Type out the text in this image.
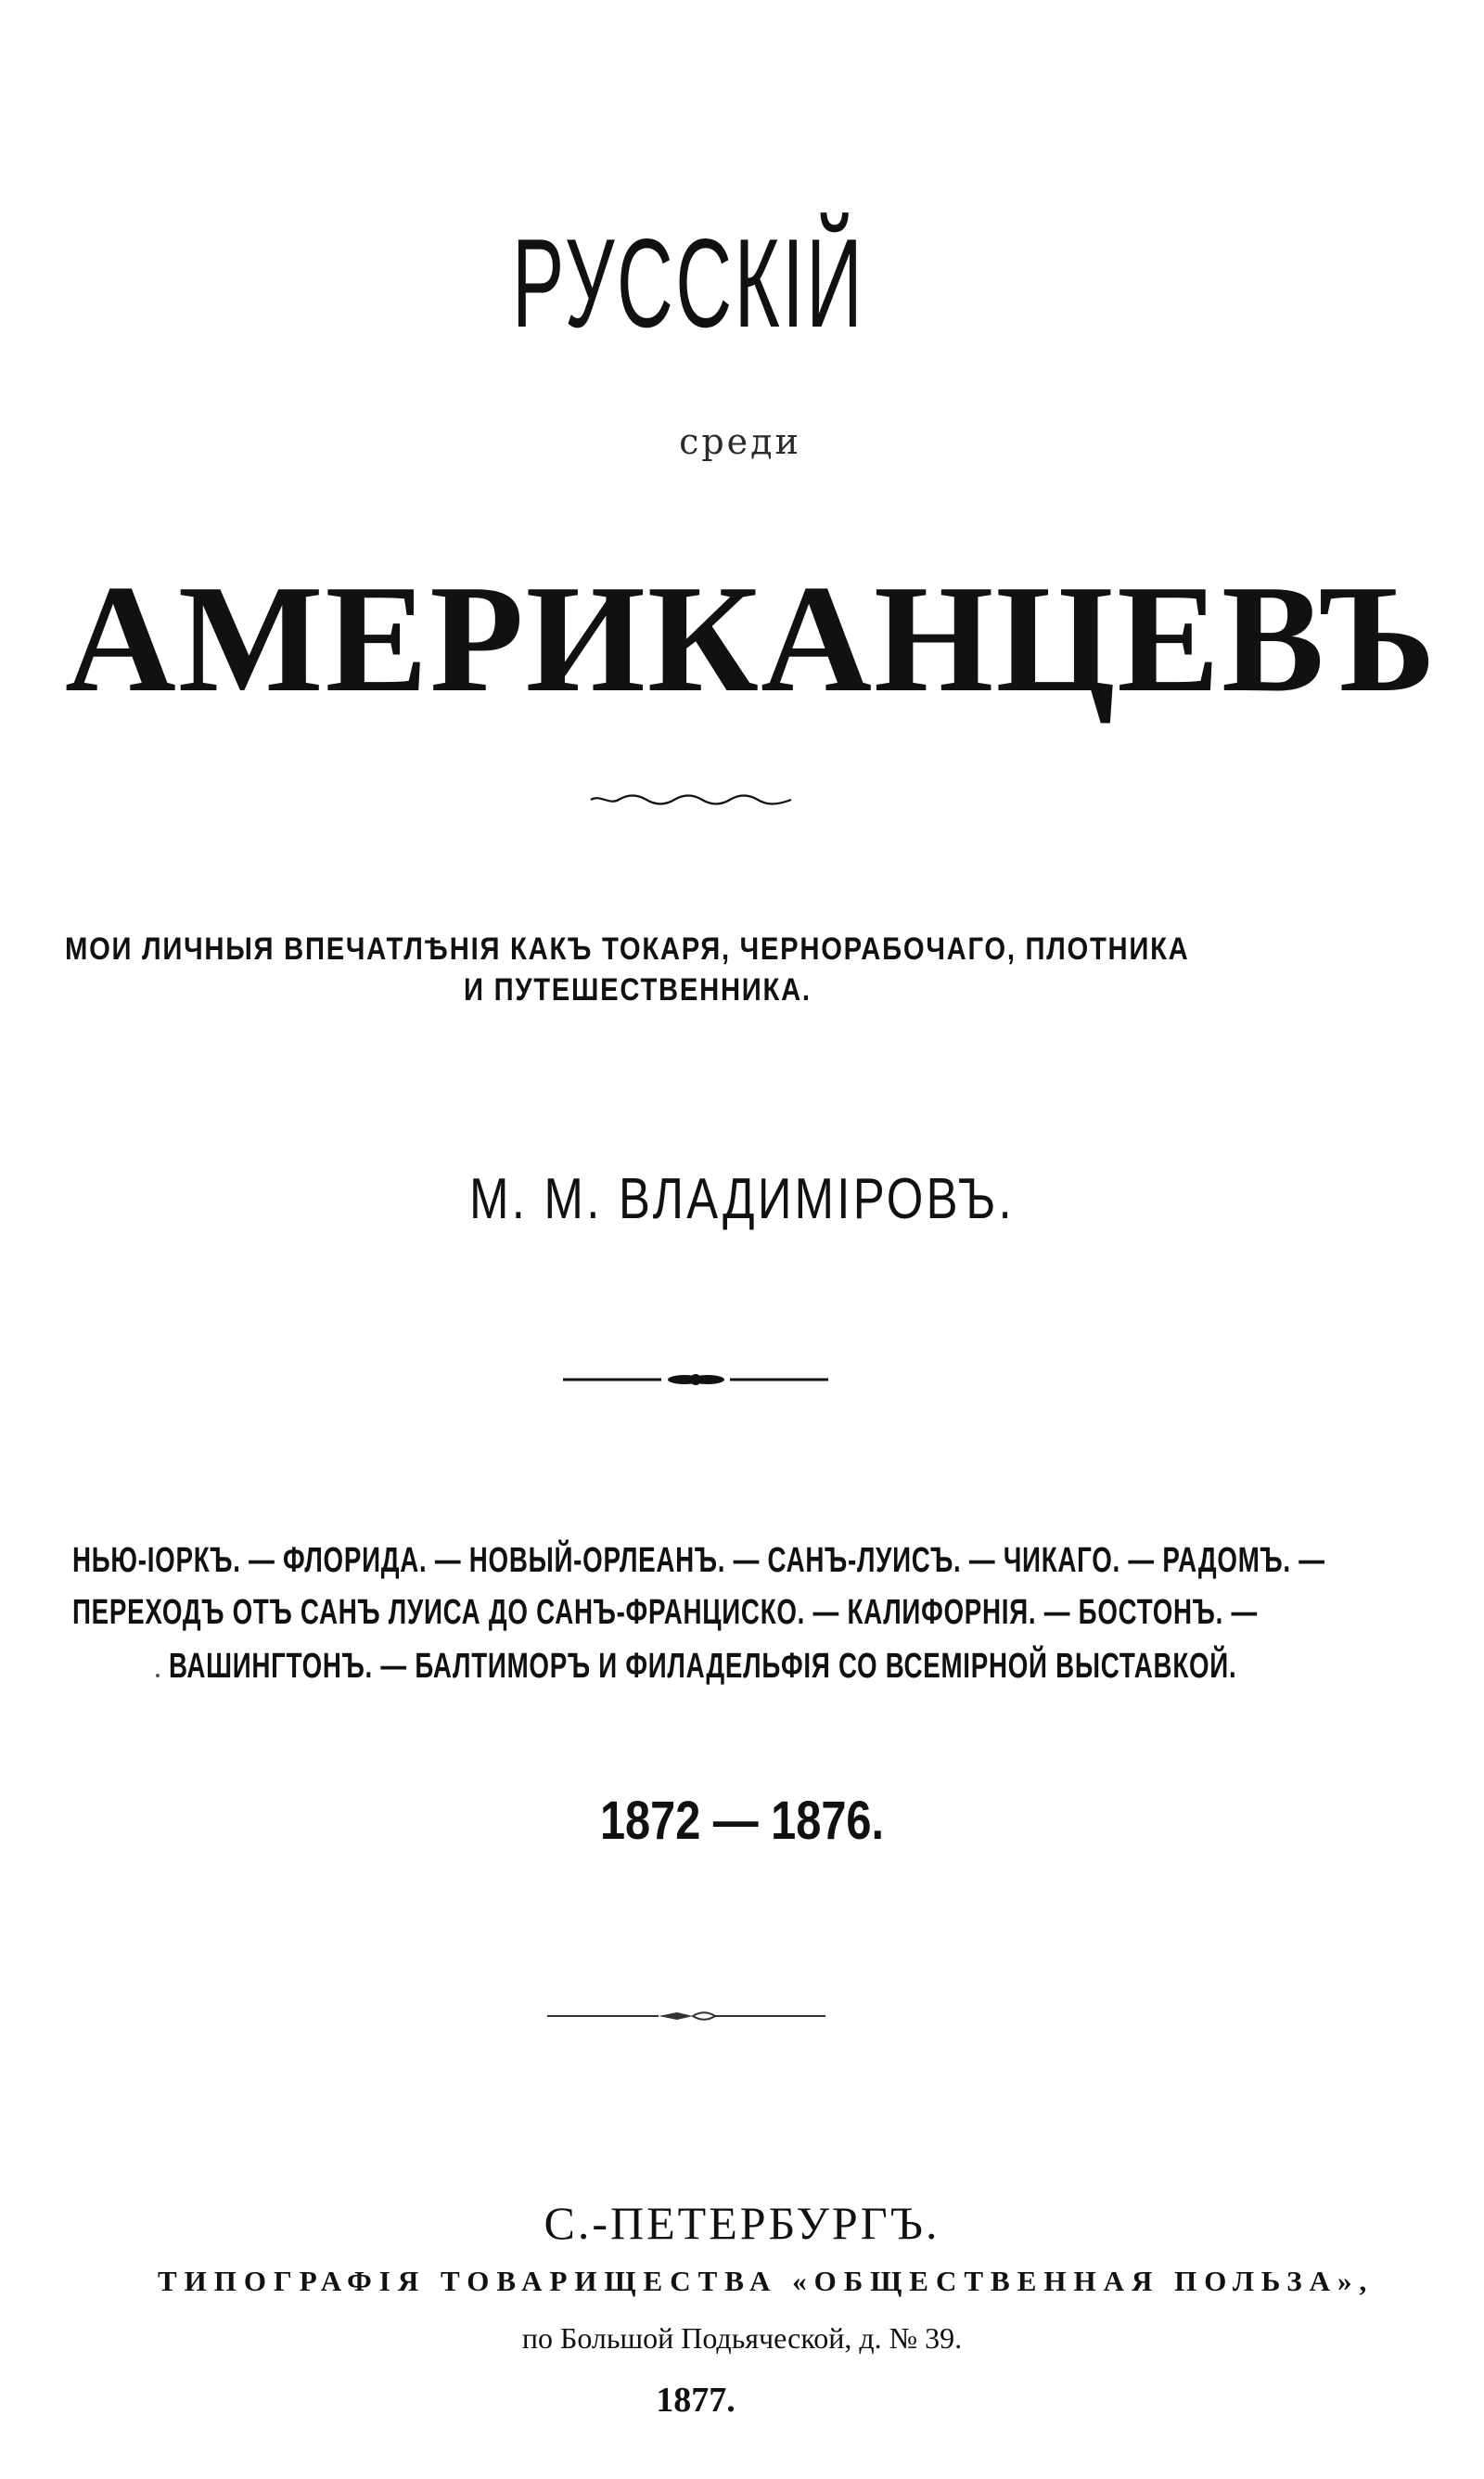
РУССКІЙ
среди
АМЕРИКАНЦЕВЪ
МОИ ЛИЧНЫЯ ВПЕЧАТЛѢНІЯ КАКЪ ТОКАРЯ, ЧЕРНОРАБОЧАГО, ПЛОТНИКА
И ПУТЕШЕСТВЕННИКА.
М. М. ВЛАДИМІРОВЪ.
НЬЮ-ІОРКЪ. — ФЛОРИДА. — НОВЫЙ-ОРЛЕАНЪ. — САНЪ-ЛУИСЪ. — ЧИКАГО. — РАДОМЪ. —
ПЕРЕХОДЪ ОТЪ САНЪ ЛУИСА ДО САНЪ-ФРАНЦИСКО. — КАЛИФОРНІЯ. — БОСТОНЪ. —
ВАШИНГТОНЪ. — БАЛТИМОРЪ И ФИЛАДЕЛЬФІЯ СО ВСЕМІРНОЙ ВЫСТАВКОЙ.
1872 — 1876.
С.-ПЕТЕРБУРГЪ.
ТИПОГРАФІЯ ТОВАРИЩЕСТВА «ОБЩЕСТВЕННАЯ ПОЛЬЗА»,
по Большой Подьяческой, д. № 39.
1877.
